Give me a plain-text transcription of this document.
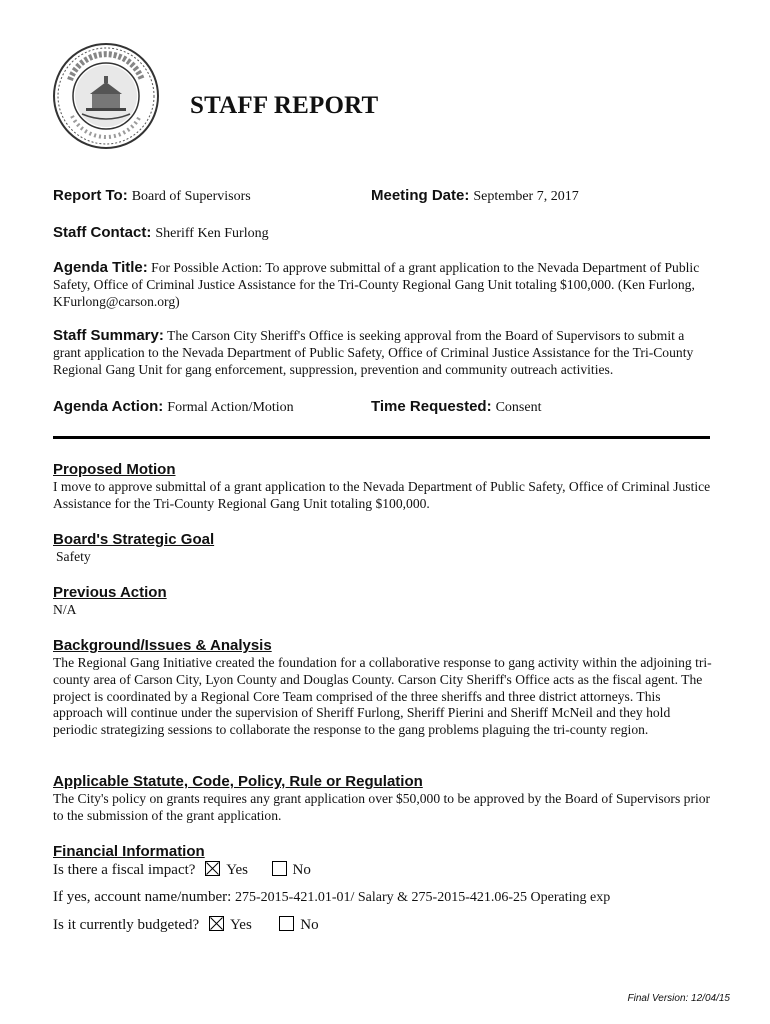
STAFF REPORT
Report To: Board of Supervisors	Meeting Date: September 7, 2017
Staff Contact: Sheriff Ken Furlong
Agenda Title: For Possible Action: To approve submittal of a grant application to the Nevada Department of Public Safety, Office of Criminal Justice Assistance for the Tri-County Regional Gang Unit totaling $100,000. (Ken Furlong, KFurlong@carson.org)
Staff Summary: The Carson City Sheriff's Office is seeking approval from the Board of Supervisors to submit a grant application to the Nevada Department of Public Safety, Office of Criminal Justice Assistance for the Tri-County Regional Gang Unit for gang enforcement, suppression, prevention and community outreach activities.
Agenda Action: Formal Action/Motion	Time Requested: Consent
Proposed Motion
I move to approve submittal of a grant application to the Nevada Department of Public Safety, Office of Criminal Justice Assistance for the Tri-County Regional Gang Unit totaling $100,000.
Board's Strategic Goal
Safety
Previous Action
N/A
Background/Issues & Analysis
The Regional Gang Initiative created the foundation for a collaborative response to gang activity within the adjoining tri-county area of Carson City, Lyon County and Douglas County. Carson City Sheriff's Office acts as the fiscal agent. The project is coordinated by a Regional Core Team comprised of the three sheriffs and three district attorneys. This approach will continue under the supervision of Sheriff Furlong, Sheriff Pierini and Sheriff McNeil and they hold periodic strategizing sessions to collaborate the response to the gang problems plaguing the tri-county region.
Applicable Statute, Code, Policy, Rule or Regulation
The City's policy on grants requires any grant application over $50,000 to be approved by the Board of Supervisors prior to the submission of the grant application.
Financial Information
Is there a fiscal impact? Yes	No
If yes, account name/number: 275-2015-421.01-01/ Salary & 275-2015-421.06-25 Operating exp
Is it currently budgeted? Yes	No
Final Version: 12/04/15
